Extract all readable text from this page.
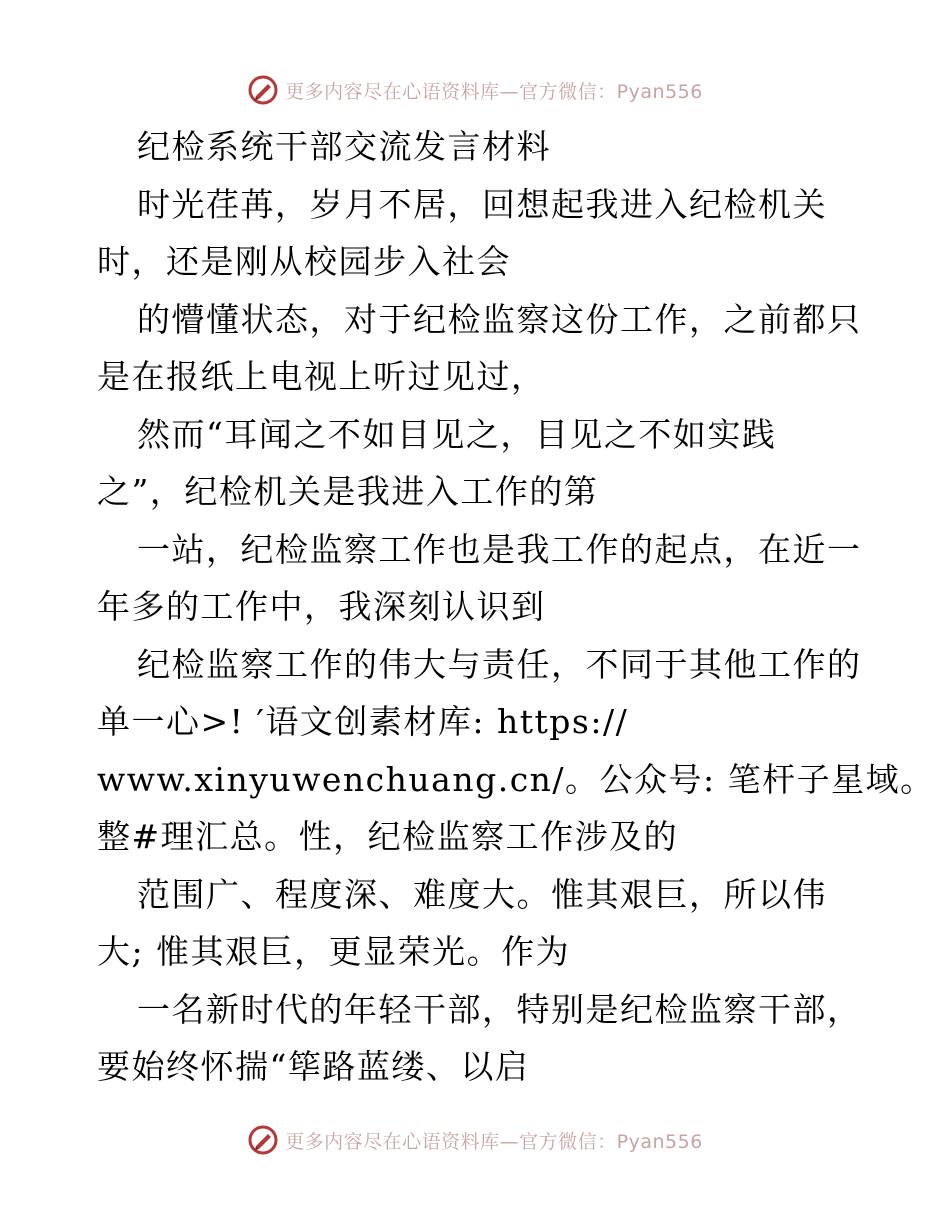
更多内容尽在心语资料库—官方微信：Pyan556
纪检系统干部交流发言材料
时光荏苒，岁月不居，回想起我进入纪检机关
时，还是刚从校园步入社会
的懵懂状态，对于纪检监察这份工作，之前都只
是在报纸上电视上听过见过，
然而“耳闻之不如目见之，目见之不如实践
之”，纪检机关是我进入工作的第
一站，纪检监察工作也是我工作的起点，在近一
年多的工作中，我深刻认识到
纪检监察工作的伟大与责任，不同于其他工作的
单一心>! ′语文创素材库: https://
www.xinyuwenchuang.cn/。公众号: 笔杆子星域。
整#理汇总。性，纪检监察工作涉及的
范围广、程度深、难度大。惟其艰巨，所以伟
大; 惟其艰巨，更显荣光。作为
一名新时代的年轻干部，特别是纪检监察干部，
要始终怀揣“筚路蓝缕、以启
更多内容尽在心语资料库—官方微信：Pyan556
